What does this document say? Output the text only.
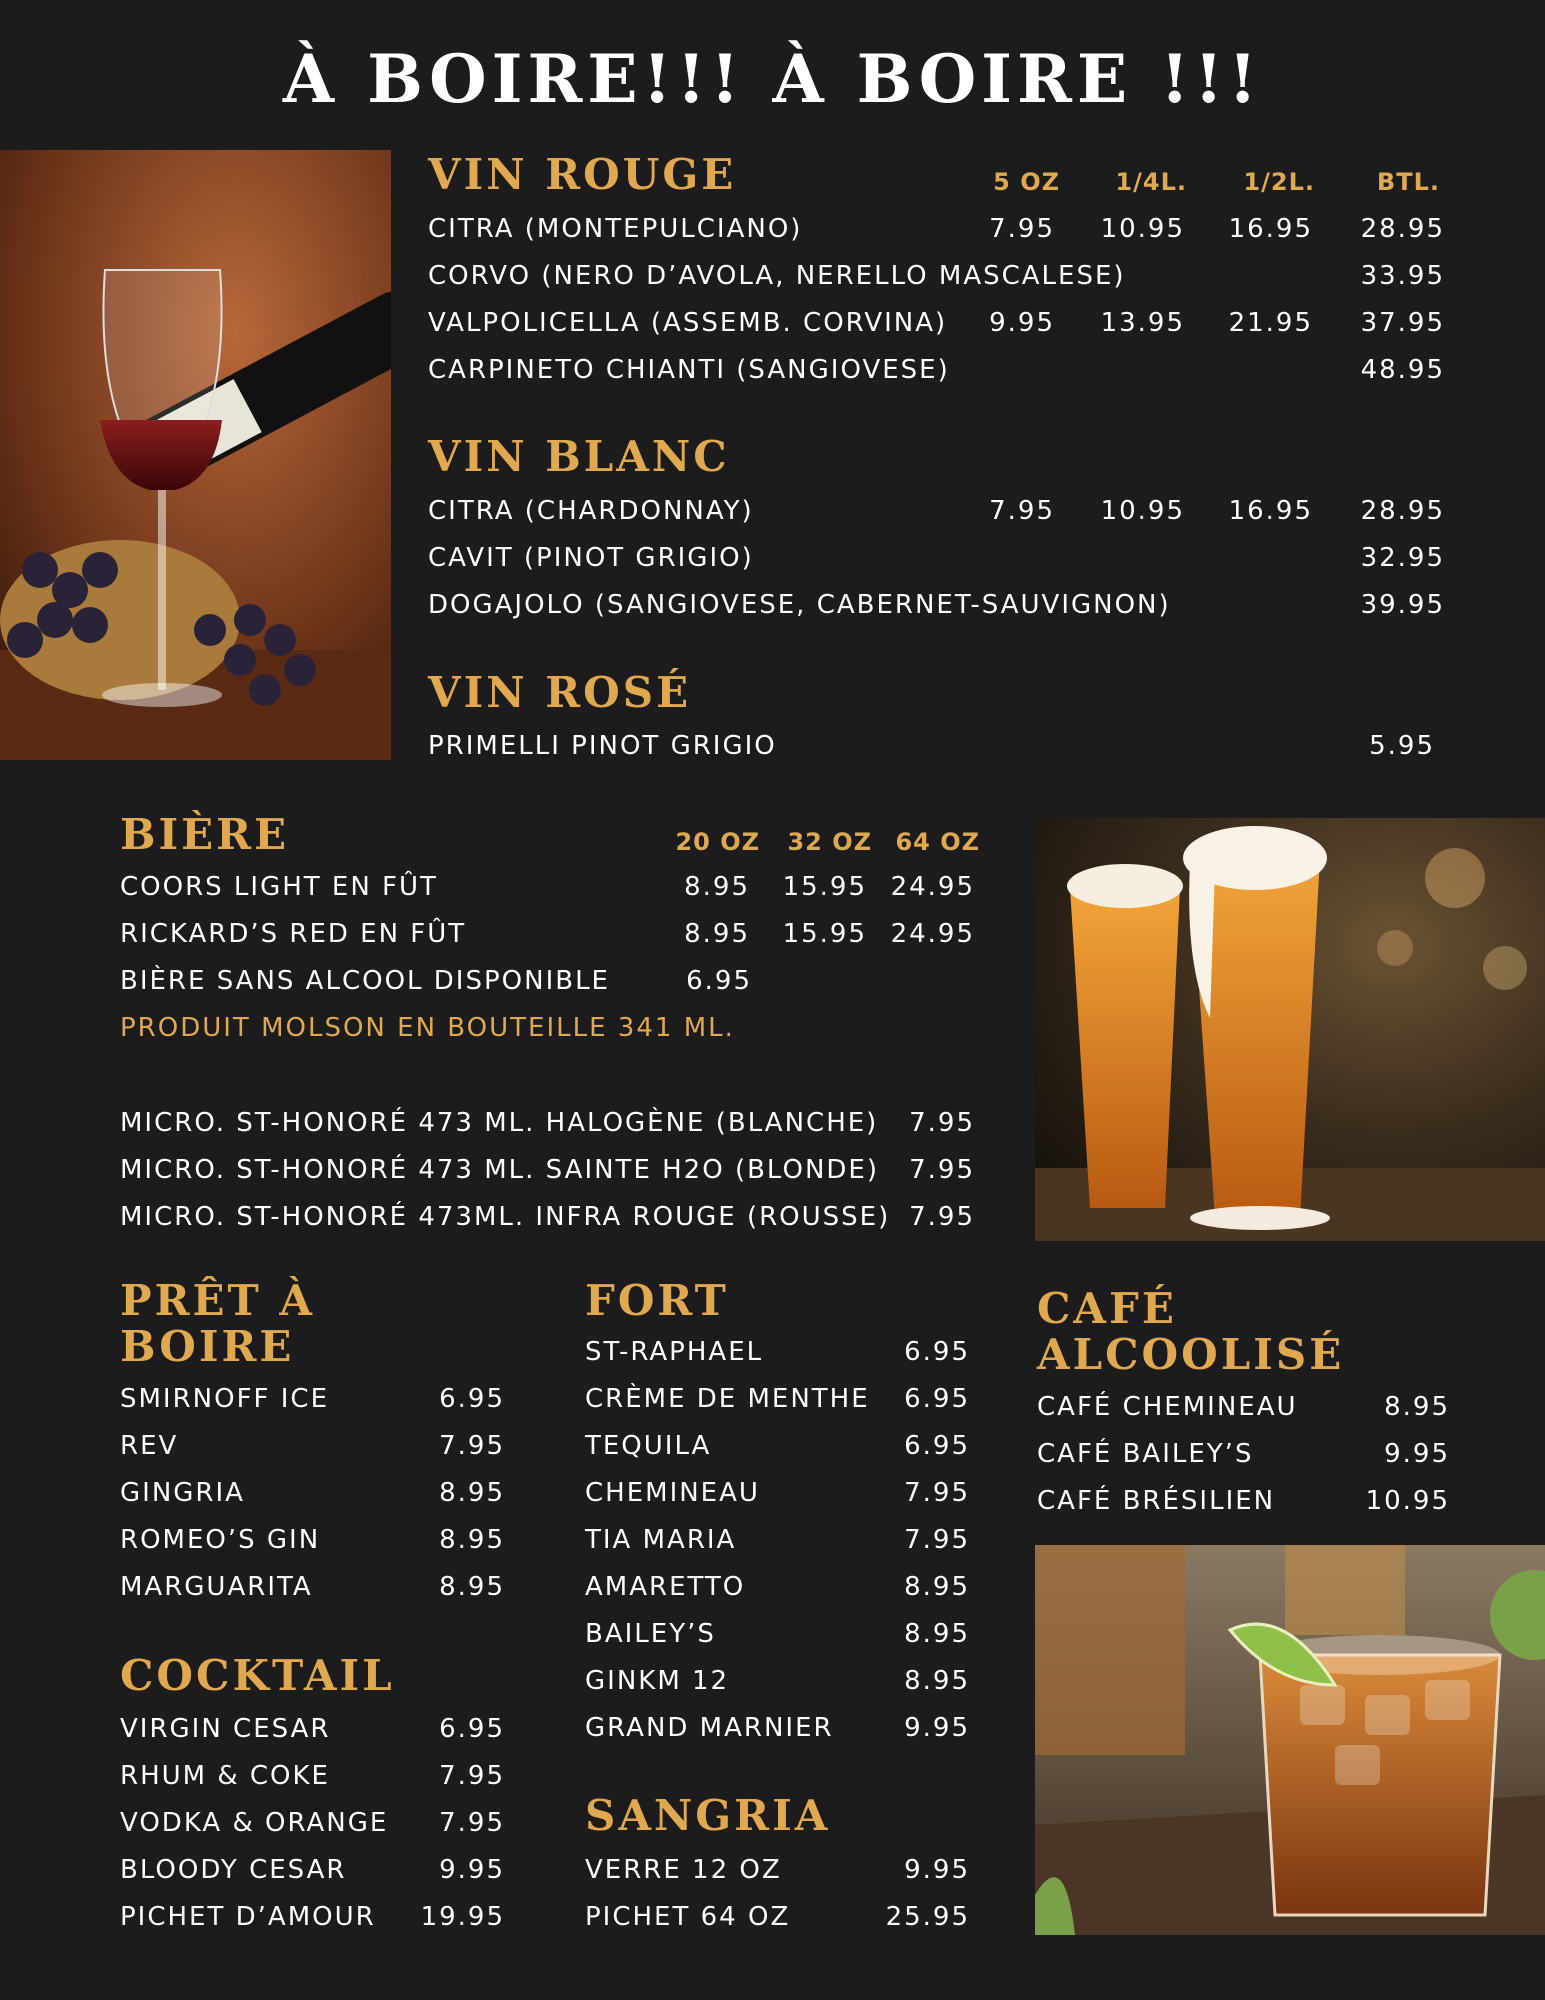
À BOIRE!!! À BOIRE !!!
VIN ROUGE	5 OZ	1/4L.	1/2L.	BTL.
CITRA (MONTEPULCIANO)	7.95	10.95	16.95	28.95
CORVO (NERO D’AVOLA, NERELLO MASCALESE)	33.95
VALPOLICELLA (ASSEMB. CORVINA)	9.95	13.95	21.95	37.95
CARPINETO CHIANTI (SANGIOVESE)	48.95
VIN BLANC
CITRA (CHARDONNAY)	7.95	10.95	16.95	28.95
CAVIT (PINOT GRIGIO)	32.95
DOGAJOLO (SANGIOVESE, CABERNET-SAUVIGNON)	39.95
VIN ROSÉ
PRIMELLI PINOT GRIGIO	5.95
BIÈRE	20 OZ	32 OZ 64 OZ
COORS LIGHT EN FÛT	8.95	15.95 24.95
RICKARD’S RED EN FÛT	8.95	15.95 24.95
BIÈRE SANS ALCOOL DISPONIBLE	6.95
PRODUIT MOLSON EN BOUTEILLE 341 ML.
MICRO. ST-HONORÉ 473 ML. HALOGÈNE (BLANCHE)	7.95
MICRO. ST-HONORÉ 473 ML. SAINTE H2O (BLONDE)	7.95
MICRO. ST-HONORÉ 473ML. INFRA ROUGE (ROUSSE) 7.95
PRÊT À
BOIRE
SMIRNOFF ICE	6.95
REV	7.95
GINGRIA	8.95
ROMEO’S GIN	8.95
MARGUARITA	8.95
COCKTAIL
VIRGIN CESAR	6.95
RHUM & COKE	7.95
VODKA & ORANGE	7.95
BLOODY CESAR	9.95
PICHET D’AMOUR	19.95
FORT
ST-RAPHAEL	6.95
CRÈME DE MENTHE	6.95
TEQUILA	6.95
CHEMINEAU	7.95
TIA MARIA	7.95
AMARETTO	8.95
BAILEY’S	8.95
GINKM 12	8.95
GRAND MARNIER	9.95
SANGRIA
VERRE 12 OZ	9.95
PICHET 64 OZ	25.95
CAFÉ
ALCOOLISÉ
CAFÉ CHEMINEAU	8.95
CAFÉ BAILEY’S	9.95
CAFÉ BRÉSILIEN	10.95
